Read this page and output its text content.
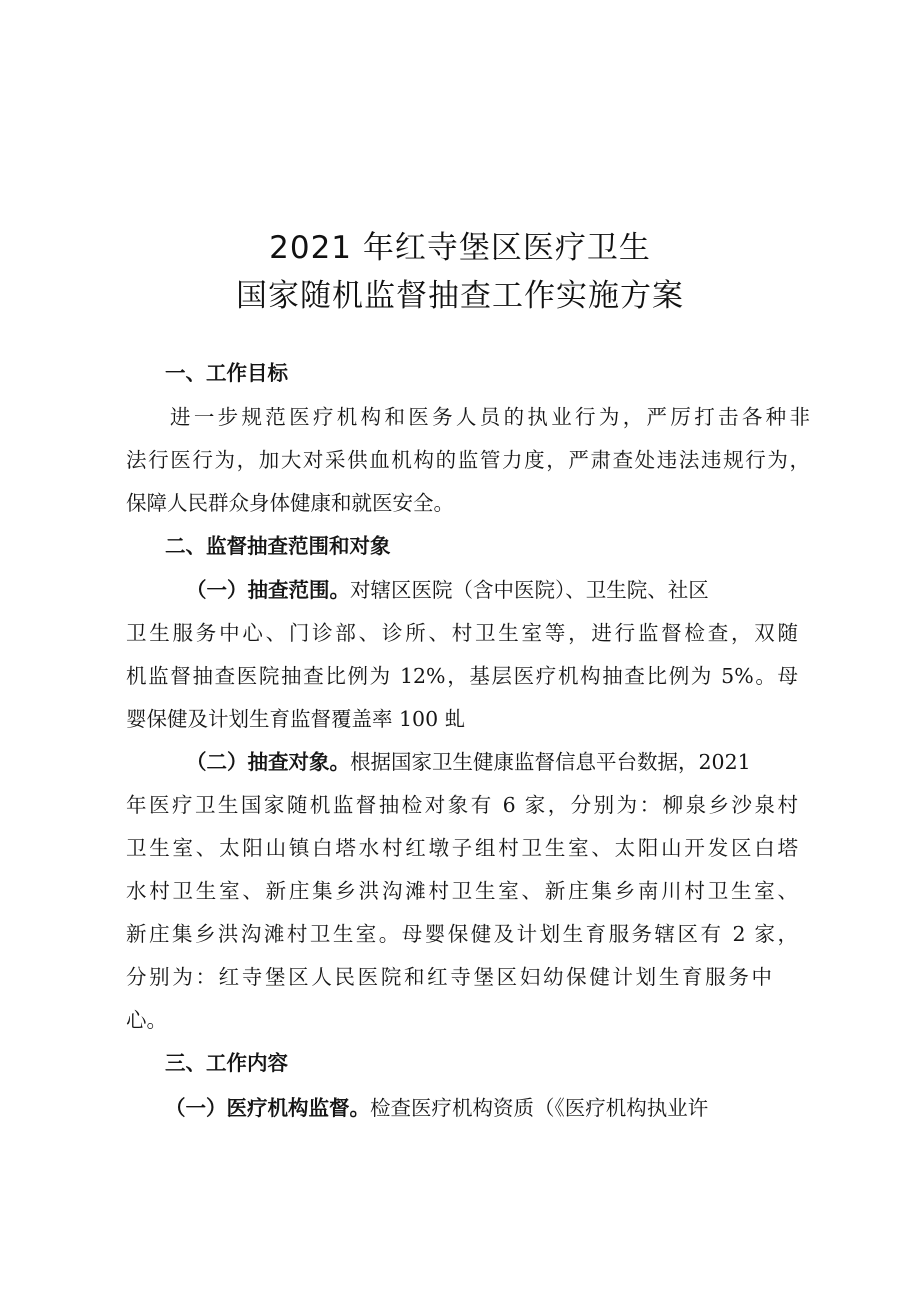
2021 年红寺堡区医疗卫生
国家随机监督抽查工作实施方案
一、工作目标
进一步规范医疗机构和医务人员的执业行为，严厉打击各种非
法行医行为，加大对采供血机构的监管力度，严肃查处违法违规行为，
保障人民群众身体健康和就医安全。
二、监督抽查范围和对象
（一）抽查范围。对辖区医院（含中医院）、卫生院、社区
卫生服务中心、门诊部、诊所、村卫生室等，进行监督检查，双随
机监督抽查医院抽查比例为 12%，基层医疗机构抽查比例为 5%。母
婴保健及计划生育监督覆盖率 100 虬
（二）抽查对象。根据国家卫生健康监督信息平台数据，2021
年医疗卫生国家随机监督抽检对象有 6 家，分别为：柳泉乡沙泉村
卫生室、太阳山镇白塔水村红墩子组村卫生室、太阳山开发区白塔
水村卫生室、新庄集乡洪沟滩村卫生室、新庄集乡南川村卫生室、
新庄集乡洪沟滩村卫生室。母婴保健及计划生育服务辖区有 2 家，
分别为：红寺堡区人民医院和红寺堡区妇幼保健计划生育服务中
心。
三、工作内容
（一）医疗机构监督。检查医疗机构资质（《医疗机构执业许
